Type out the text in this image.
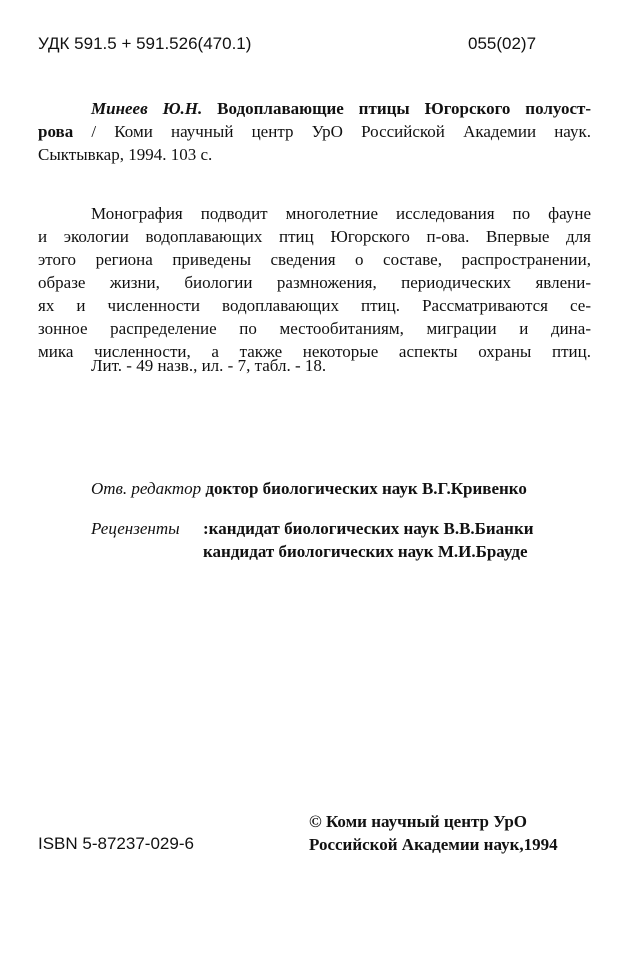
УДК 591.5 + 591.526(470.1)	055(02)7
Минеев Ю.Н. Водоплавающие птицы Югорского полуост-
рова / Коми научный центр УрО Российской Академии наук.
Сыктывкар, 1994. 103 с.
Монография подводит многолетние исследования по фауне
и экологии водоплавающих птиц Югорского п-ова. Впервые для
этого региона приведены сведения о составе, распространении,
образе жизни, биологии размножения, периодических явлени-
ях и численности водоплавающих птиц. Рассматриваются се-
зонное распределение по местообитаниям, миграции и дина-
мика численности, а также некоторые аспекты охраны птиц.
Лит. - 49 назв., ил. - 7, табл. - 18.
Отв. редактор доктор биологических наук В.Г.Кривенко
Рецензенты :кандидат биологических наук В.В.Бианки
кандидат биологических наук М.И.Брауде
ISBN 5-87237-029-6
© Коми научный центр УрО
Российской Академии наук,1994
